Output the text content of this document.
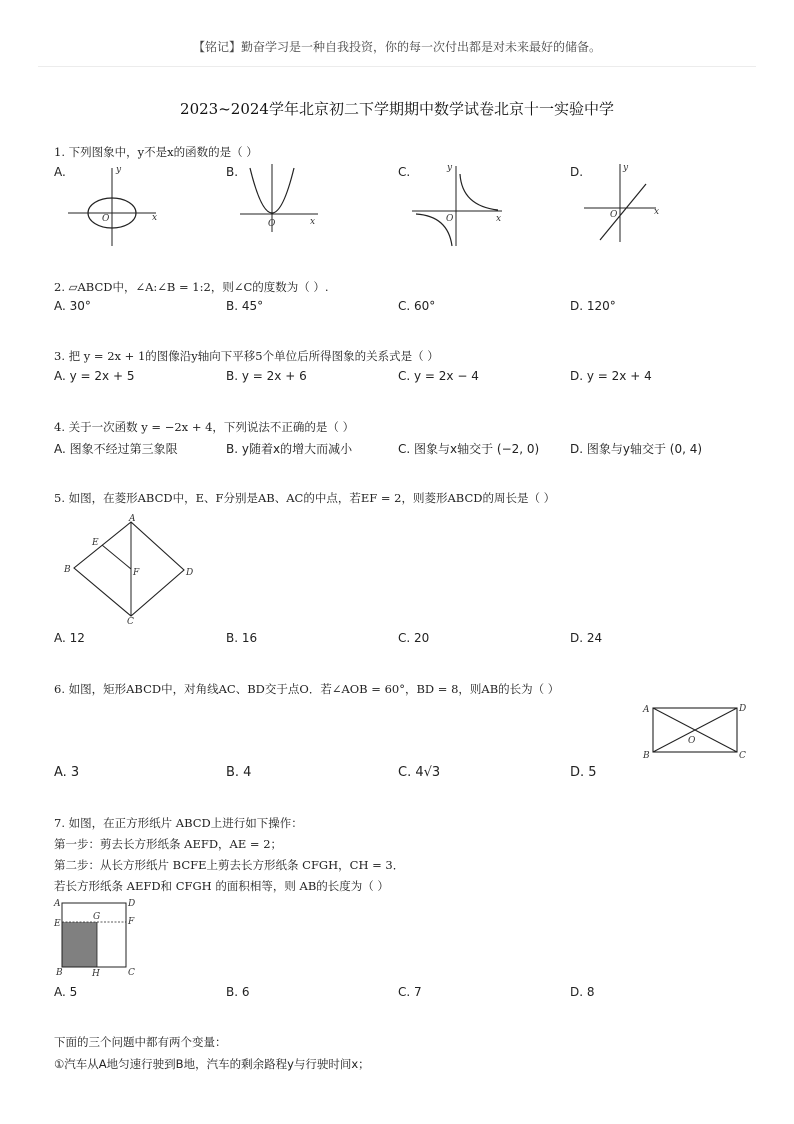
【铭记】勤奋学习是一种自我投资，你的每一次付出都是对未来最好的储备。
2023~2024学年北京初二下学期期中数学试卷北京十一实验中学
1. 下列图象中，y不是x的函数的是（ ）
A.	B.	C.	D.
y
x
O	O	x
y
x
O
y
x
O
2. ▱ABCD中，∠A:∠B = 1:2，则∠C的度数为（ ）.
A. 30°	B. 45°	C. 60°	D. 120°
3. 把 y = 2x + 1的图像沿y轴向下平移5个单位后所得图象的关系式是（ ）
A. y = 2x + 5	B. y = 2x + 6	C. y = 2x − 4	D. y = 2x + 4
4. 关于一次函数 y = −2x + 4，下列说法不正确的是（ ）
A. 图象不经过第三象限	B. y随着x的增大而减小	C. 图象与x轴交于 (−2, 0)	D. 图象与y轴交于 (0, 4)
5. 如图，在菱形ABCD中，E、F分别是AB、AC的中点，若EF = 2，则菱形ABCD的周长是（ ）
A
B
C
D
E
F
A. 12	B. 16	C. 20	D. 24
6. 如图，矩形ABCD中，对角线AC、BD交于点O．若∠AOB = 60°，BD = 8，则AB的长为（ ）
A
B	C
D
O
A. 3	B. 4	C. 4√3	D. 5
7. 如图，在正方形纸片 ABCD上进行如下操作：
第一步：剪去长方形纸条 AEFD，AE = 2；
第二步：从长方形纸片 BCFE上剪去长方形纸条 CFGH，CH = 3．
若长方形纸条 AEFD和 CFGH 的面积相等，则 AB的长度为（ ）
A
E
B
D
F
C
G
H
A. 5	B. 6	C. 7	D. 8
下面的三个问题中都有两个变量：
①汽车从A地匀速行驶到B地，汽车的剩余路程y与行驶时间x；
